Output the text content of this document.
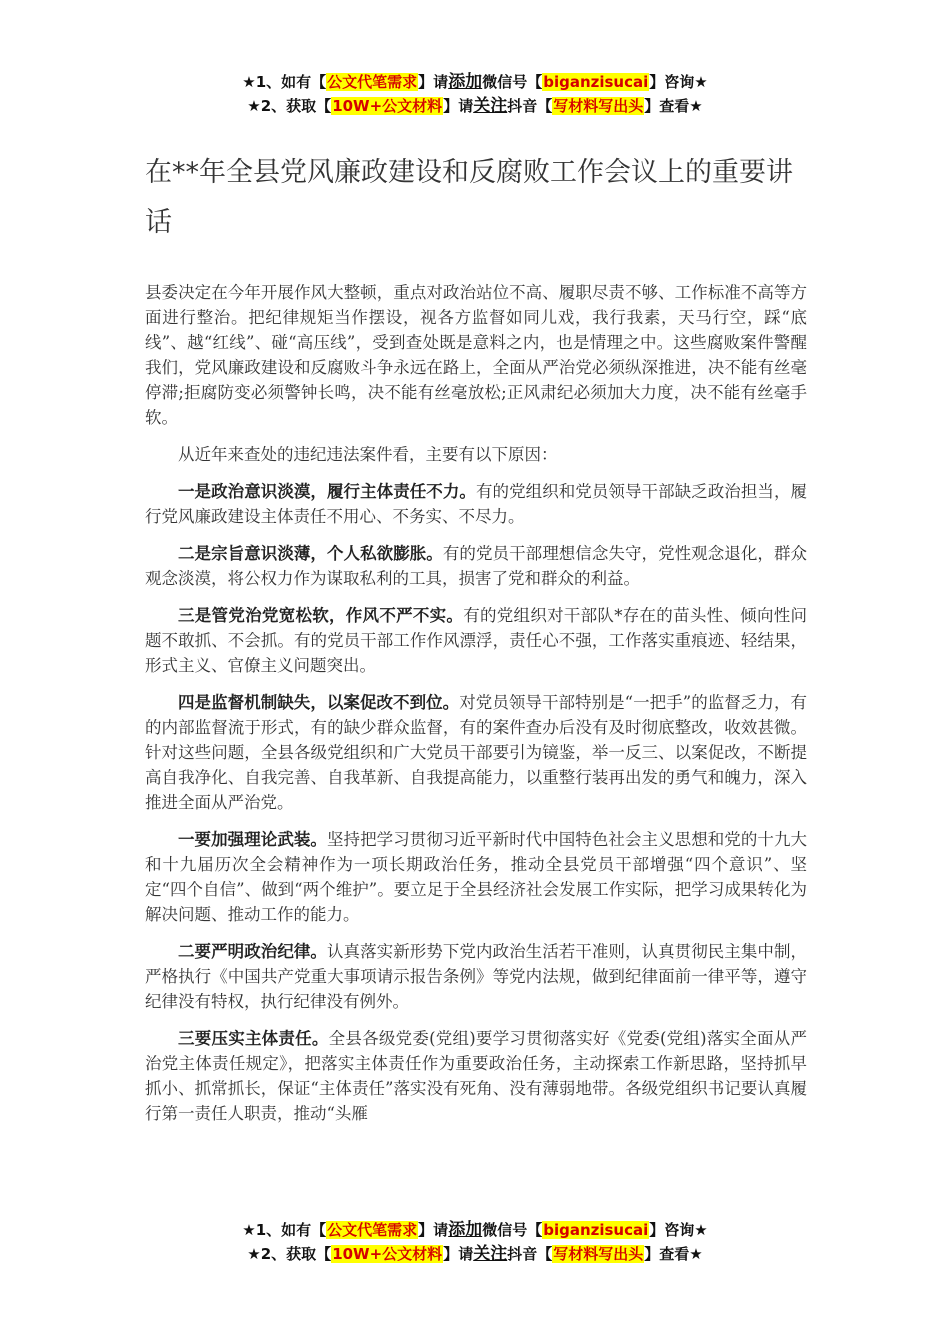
★1、如有【公文代笔需求】请添加微信号【biganzisucai】咨询★
★2、获取【10W+公文材料】请关注抖音【写材料写出头】查看★
在**年全县党风廉政建设和反腐败工作会议上的重要讲话

县委决定在今年开展作风大整顿，重点对政治站位不高、履职尽责不够、工作标准不高等方面进行整治。把纪律规矩当作摆设，视各方监督如同儿戏，我行我素，天马行空，踩“底线”、越“红线”、碰“高压线”，受到查处既是意料之内，也是情理之中。这些腐败案件警醒我们，党风廉政建设和反腐败斗争永远在路上，全面从严治党必须纵深推进，决不能有丝毫停滞;拒腐防变必须警钟长鸣，决不能有丝毫放松;正风肃纪必须加大力度，决不能有丝毫手软。

从近年来查处的违纪违法案件看，主要有以下原因：

一是政治意识淡漠，履行主体责任不力。有的党组织和党员领导干部缺乏政治担当，履行党风廉政建设主体责任不用心、不务实、不尽力。

二是宗旨意识淡薄，个人私欲膨胀。有的党员干部理想信念失守，党性观念退化，群众观念淡漠，将公权力作为谋取私利的工具，损害了党和群众的利益。

三是管党治党宽松软，作风不严不实。有的党组织对干部队*存在的苗头性、倾向性问题不敢抓、不会抓。有的党员干部工作作风漂浮，责任心不强，工作落实重痕迹、轻结果，形式主义、官僚主义问题突出。

四是监督机制缺失，以案促改不到位。对党员领导干部特别是“一把手”的监督乏力，有的内部监督流于形式，有的缺少群众监督，有的案件查办后没有及时彻底整改，收效甚微。针对这些问题，全县各级党组织和广大党员干部要引为镜鉴，举一反三、以案促改，不断提高自我净化、自我完善、自我革新、自我提高能力，以重整行装再出发的勇气和魄力，深入推进全面从严治党。

一要加强理论武装。坚持把学习贯彻习近平新时代中国特色社会主义思想和党的十九大和十九届历次全会精神作为一项长期政治任务，推动全县党员干部增强“四个意识”、坚定“四个自信”、做到“两个维护”。要立足于全县经济社会发展工作实际，把学习成果转化为解决问题、推动工作的能力。

二要严明政治纪律。认真落实新形势下党内政治生活若干准则，认真贯彻民主集中制，严格执行《中国共产党重大事项请示报告条例》等党内法规，做到纪律面前一律平等，遵守纪律没有特权，执行纪律没有例外。

三要压实主体责任。全县各级党委(党组)要学习贯彻落实好《党委(党组)落实全面从严治党主体责任规定》，把落实主体责任作为重要政治任务，主动探索工作新思路，坚持抓早抓小、抓常抓长，保证“主体责任”落实没有死角、没有薄弱地带。各级党组织书记要认真履行第一责任人职责，推动“头雁

★1、如有【公文代笔需求】请添加微信号【biganzisucai】咨询★
★2、获取【10W+公文材料】请关注抖音【写材料写出头】查看★
